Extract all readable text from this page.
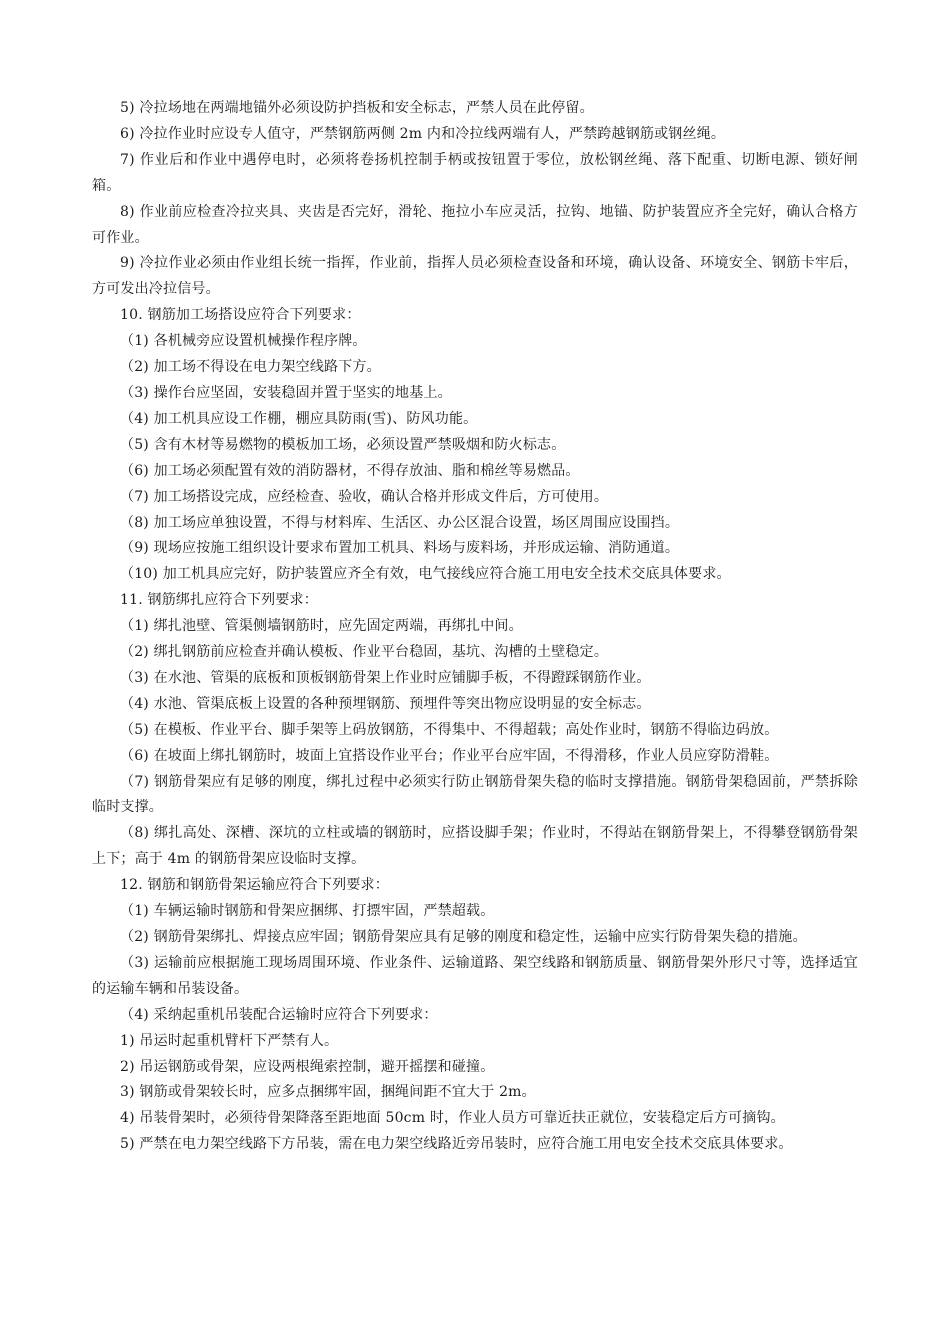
5) 冷拉场地在两端地锚外必须设防护挡板和安全标志，严禁人员在此停留。

6) 冷拉作业时应设专人值守，严禁钢筋两侧 2m 内和冷拉线两端有人，严禁跨越钢筋或钢丝绳。

7) 作业后和作业中遇停电时，必须将卷扬机控制手柄或按钮置于零位，放松钢丝绳、落下配重、切断电源、锁好闸箱。

8) 作业前应检查冷拉夹具、夹齿是否完好，滑轮、拖拉小车应灵活，拉钩、地锚、防护装置应齐全完好，确认合格方可作业。

9) 冷拉作业必须由作业组长统一指挥，作业前，指挥人员必须检查设备和环境，确认设备、环境安全、钢筋卡牢后，方可发出冷拉信号。

10. 钢筋加工场搭设应符合下列要求：

（1) 各机械旁应设置机械操作程序牌。

（2) 加工场不得设在电力架空线路下方。

（3) 操作台应坚固，安装稳固并置于坚实的地基上。

（4) 加工机具应设工作棚，棚应具防雨(雪)、防风功能。

（5) 含有木材等易燃物的模板加工场，必须设置严禁吸烟和防火标志。

（6) 加工场必须配置有效的消防器材，不得存放油、脂和棉丝等易燃品。

（7) 加工场搭设完成，应经检查、验收，确认合格并形成文件后，方可使用。

（8) 加工场应单独设置，不得与材料库、生活区、办公区混合设置，场区周围应设围挡。

（9) 现场应按施工组织设计要求布置加工机具、料场与废料场，并形成运输、消防通道。

（10) 加工机具应完好，防护装置应齐全有效，电气接线应符合施工用电安全技术交底具体要求。

11. 钢筋绑扎应符合下列要求：

（1) 绑扎池壁、管渠侧墙钢筋时，应先固定两端，再绑扎中间。

（2) 绑扎钢筋前应检查并确认模板、作业平台稳固，基坑、沟槽的土壁稳定。

（3) 在水池、管渠的底板和顶板钢筋骨架上作业时应铺脚手板，不得蹬踩钢筋作业。

（4) 水池、管渠底板上设置的各种预埋钢筋、预埋件等突出物应设明显的安全标志。

（5) 在模板、作业平台、脚手架等上码放钢筋，不得集中、不得超载；高处作业时，钢筋不得临边码放。

（6) 在坡面上绑扎钢筋时，坡面上宜搭设作业平台；作业平台应牢固，不得滑移，作业人员应穿防滑鞋。

（7) 钢筋骨架应有足够的刚度，绑扎过程中必须实行防止钢筋骨架失稳的临时支撑措施。钢筋骨架稳固前，严禁拆除临时支撑。

（8) 绑扎高处、深槽、深坑的立柱或墙的钢筋时，应搭设脚手架；作业时，不得站在钢筋骨架上，不得攀登钢筋骨架上下；高于 4m 的钢筋骨架应设临时支撑。

12. 钢筋和钢筋骨架运输应符合下列要求：

（1) 车辆运输时钢筋和骨架应捆绑、打摽牢固，严禁超载。

（2) 钢筋骨架绑扎、焊接点应牢固；钢筋骨架应具有足够的刚度和稳定性，运输中应实行防骨架失稳的措施。

（3) 运输前应根据施工现场周围环境、作业条件、运输道路、架空线路和钢筋质量、钢筋骨架外形尺寸等，选择适宜的运输车辆和吊装设备。

（4) 采纳起重机吊装配合运输时应符合下列要求：

1) 吊运时起重机臂杆下严禁有人。

2) 吊运钢筋或骨架，应设两根绳索控制，避开摇摆和碰撞。

3) 钢筋或骨架较长时，应多点捆绑牢固，捆绳间距不宜大于 2m。

4) 吊装骨架时，必须待骨架降落至距地面 50cm 时，作业人员方可靠近扶正就位，安装稳定后方可摘钩。

5) 严禁在电力架空线路下方吊装，需在电力架空线路近旁吊装时，应符合施工用电安全技术交底具体要求。
